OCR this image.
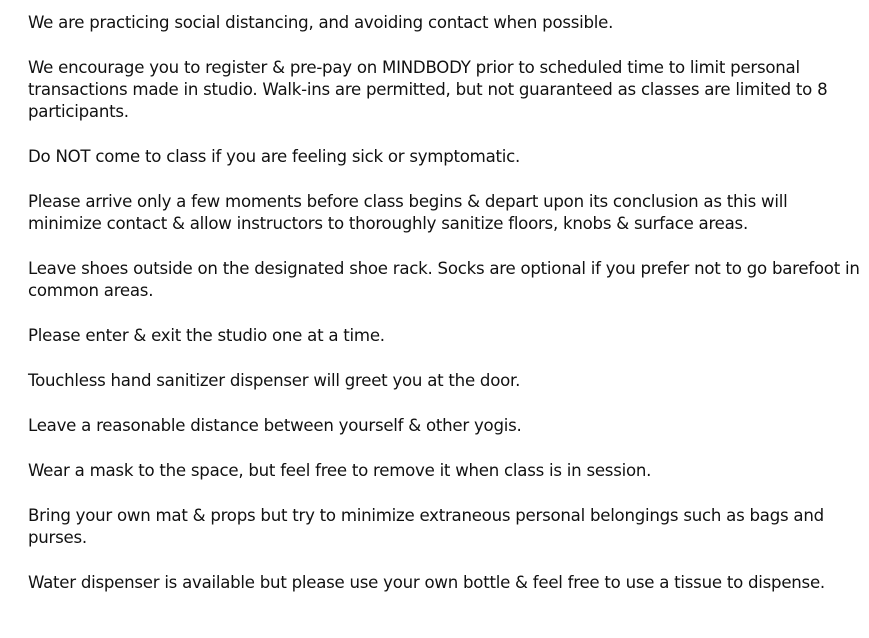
We are practicing social distancing, and avoiding contact when possible.

We encourage you to register & pre-pay on MINDBODY prior to scheduled time to limit personal transactions made in studio. Walk-ins are permitted, but not guaranteed as classes are limited to 8 participants.

Do NOT come to class if you are feeling sick or symptomatic.

Please arrive only a few moments before class begins & depart upon its conclusion as this will minimize contact & allow instructors to thoroughly sanitize floors, knobs & surface areas.

Leave shoes outside on the designated shoe rack. Socks are optional if you prefer not to go barefoot in common areas.

Please enter & exit the studio one at a time.

Touchless hand sanitizer dispenser will greet you at the door.

Leave a reasonable distance between yourself & other yogis.

Wear a mask to the space, but feel free to remove it when class is in session.

Bring your own mat & props but try to minimize extraneous personal belongings such as bags and purses.

Water dispenser is available but please use your own bottle & feel free to use a tissue to dispense.
